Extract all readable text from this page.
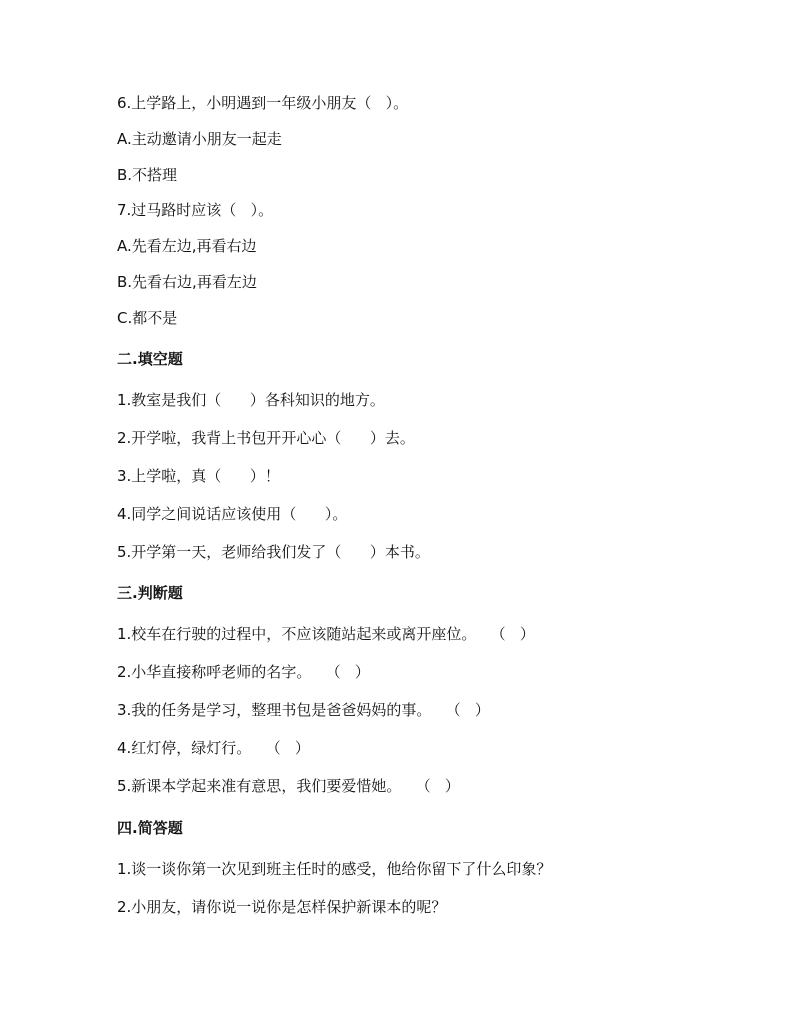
6.上学路上，小明遇到一年级小朋友（   ）。
A.主动邀请小朋友一起走
B.不搭理
7.过马路时应该（   ）。
A.先看左边,再看右边
B.先看右边,再看左边
C.都不是
二.填空题
1.教室是我们（      ）各科知识的地方。
2.开学啦，我背上书包开开心心（      ）去。
3.上学啦，真（      ）！
4.同学之间说话应该使用（      ）。
5.开学第一天，老师给我们发了（      ）本书。
三.判断题
1.校车在行驶的过程中，不应该随站起来或离开座位。   （   ）
2.小华直接称呼老师的名字。   （   ）
3.我的任务是学习，整理书包是爸爸妈妈的事。   （   ）
4.红灯停，绿灯行。   （   ）
5.新课本学起来准有意思，我们要爱惜她。   （   ）
四.简答题
1.谈一谈你第一次见到班主任时的感受，他给你留下了什么印象？
2.小朋友，请你说一说你是怎样保护新课本的呢？
